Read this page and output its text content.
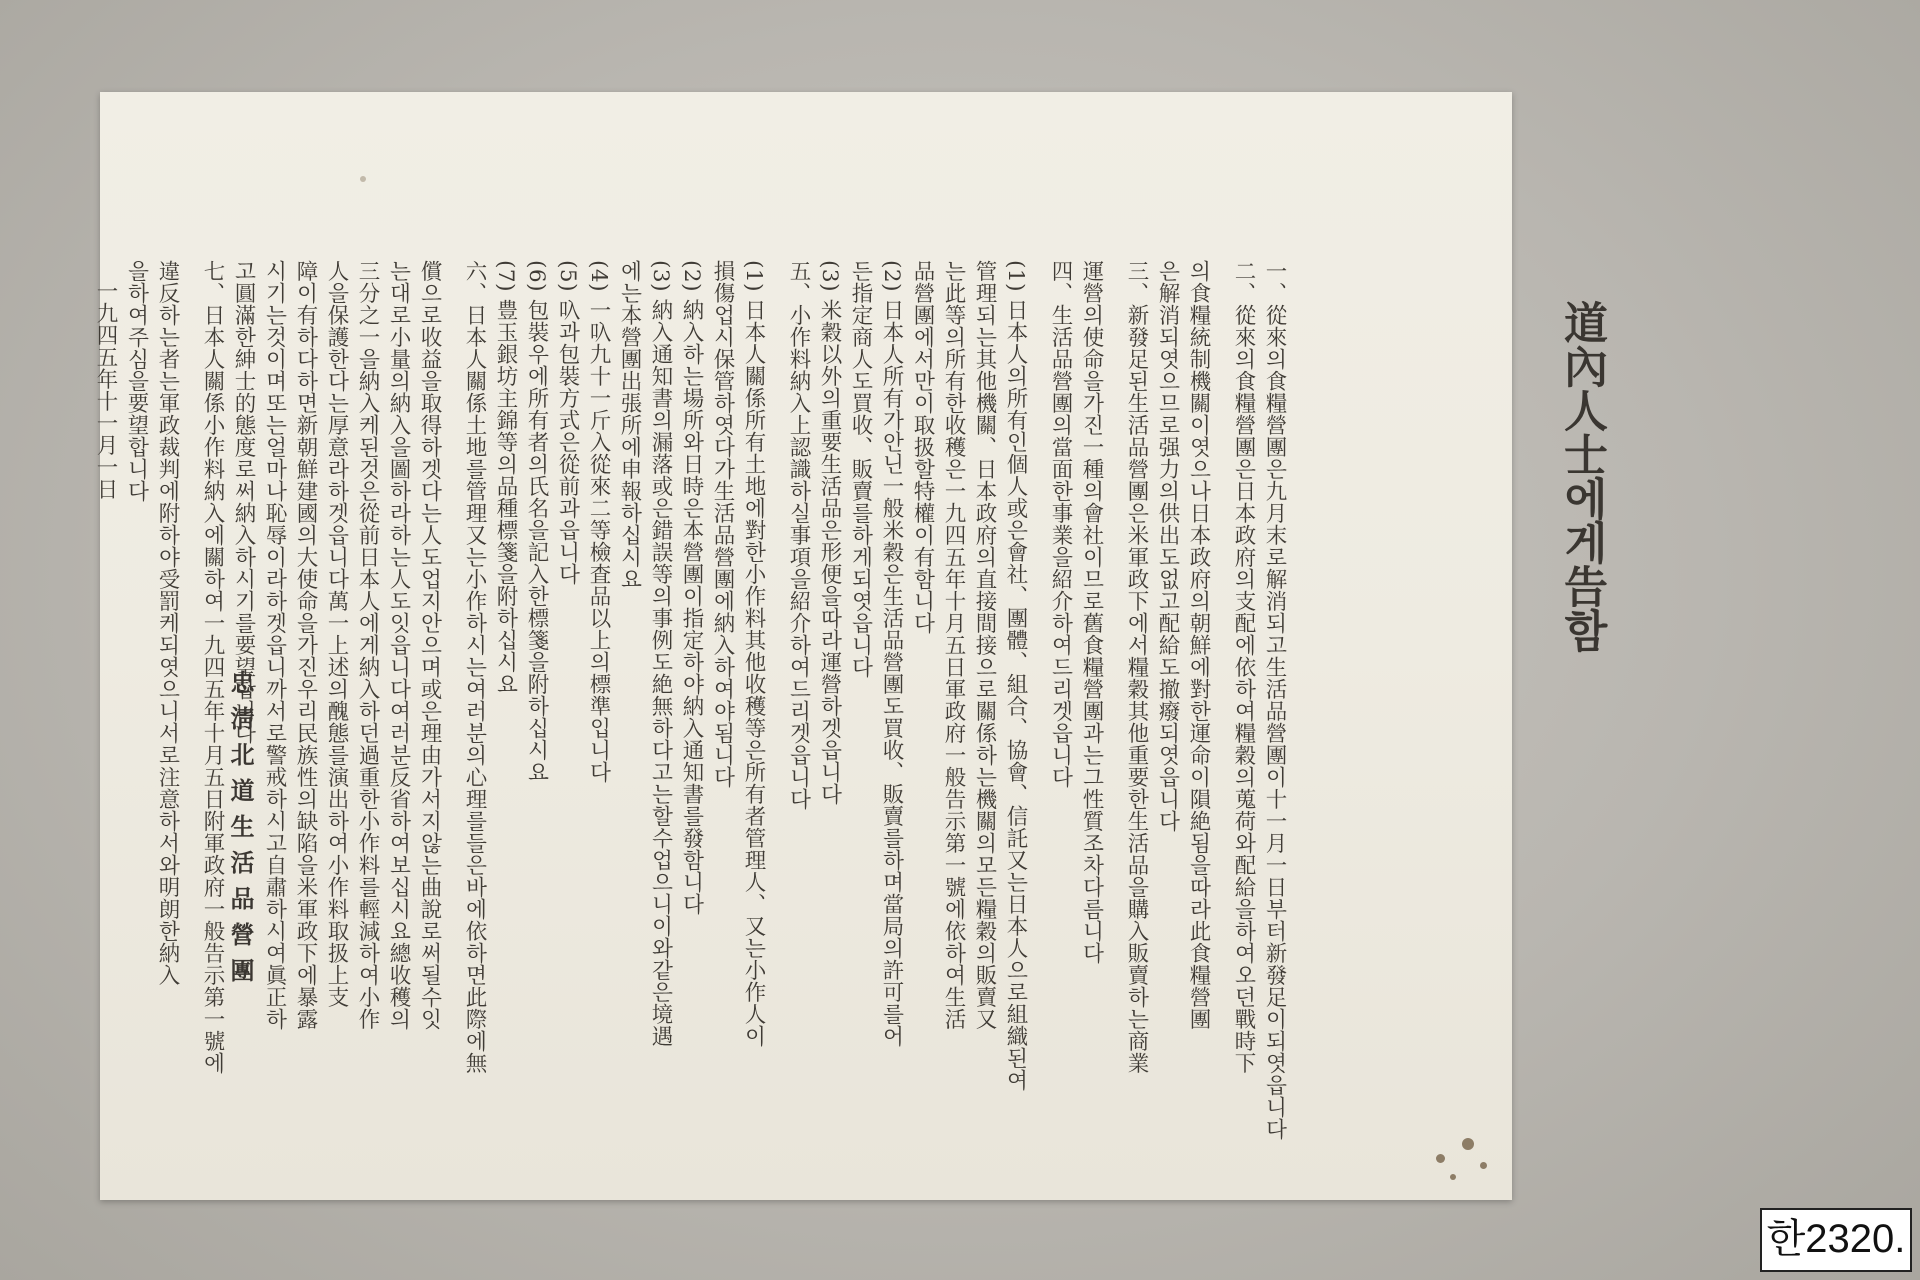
道內人士에게告함
一、從來의食糧營團은九月末로解消되고生活品營團이十一月一日부터新發足이되엿읍니다
二、從來의食糧營團은日本政府의支配에依하여糧穀의蒐荷와配給을하여오던戰時下
의食糧統制機關이엿으나日本政府의朝鮮에對한運命이隕絶됨을따라此食糧營團
은解消되엿으므로强力의供出도없고配給도撤癈되엿읍니다
三、新發足된生活品營團은米軍政下에서糧穀其他重要한生活品을購入販賣하는商業
運營의使命을가진一種의會社이므로舊食糧營團과는그性質조차다름니다
四、生活品營團의當面한事業을紹介하여드리겟읍니다
(1) 日本人의所有인個人或은會社、團體、組合、協會、信託又는日本人으로組織된여
管理되는其他機關、日本政府의直接間接으로關係하는機關의모든糧穀의販賣又
는此等의所有한收穫은一九四五年十月五日軍政府一般告示第一號에依하여生活
品營團에서만이取扱할特權이有함니다
(2) 日本人所有가안닌一般米穀은生活品營團도買收、販賣를하며當局의許可를어
든指定商人도買收、販賣를하게되엿읍니다
(3) 米穀以外의重要生活品은形便을따라運營하겟읍니다
五、小作料納入上認識하실事項을紹介하여드리겟읍니다
(1) 日本人關係所有土地에對한小作料其他收穫等은所有者管理人、又는小作人이
損傷업시保管하엿다가生活品營團에納入하여야됨니다
(2) 納入하는場所와日時은本營團이指定하야納入通知書를發함니다
(3) 納入通知書의漏落或은錯誤等의事例도絶無하다고는할수업으니이와같은境遇
에는本營團出張所에申報하십시요
(4) 一叺九十一斤入從來二等檢査品以上의標準입니다
(5) 叺과包裝方式은從前과읍니다
(6) 包裝우에所有者의氏名을記入한標箋을附하십시요
(7) 豊玉銀坊主錦等의品種標箋을附하십시요
六、日本人關係土地를管理又는小作하시는여러분의心理를들은바에依하면此際에無
償으로收益을取得하겟다는人도업지안으며或은理由가서지않는曲說로써될수잇
는대로小量의納入을圖하라하는人도잇읍니다여러분反省하여보십시요總收穫의
三分之一을納入케된것은從前日本人에게納入하던過重한小作料를輕減하여小作
人을保護한다는厚意라하겟읍니다萬一上述의醜態를演出하여小作料取扱上支
障이有하다하면新朝鮮建國의大使命을가진우리民族性의缺陷을米軍政下에暴露
시기는것이며또는얼마나恥辱이라하겟읍니까서로警戒하시고自肅하시여眞正하
고圓滿한紳士的態度로써納入하시기를要望합니다
七、日本人關係小作料納入에關하여一九四五年十月五日附軍政府一般告示第一號에
違反하는者는軍政裁判에附하야受罰케되엿으니서로注意하서와明朗한納入
을하여주심을要望합니다
一九四五年十一月一日
忠淸北道生活品營團
한2320.
